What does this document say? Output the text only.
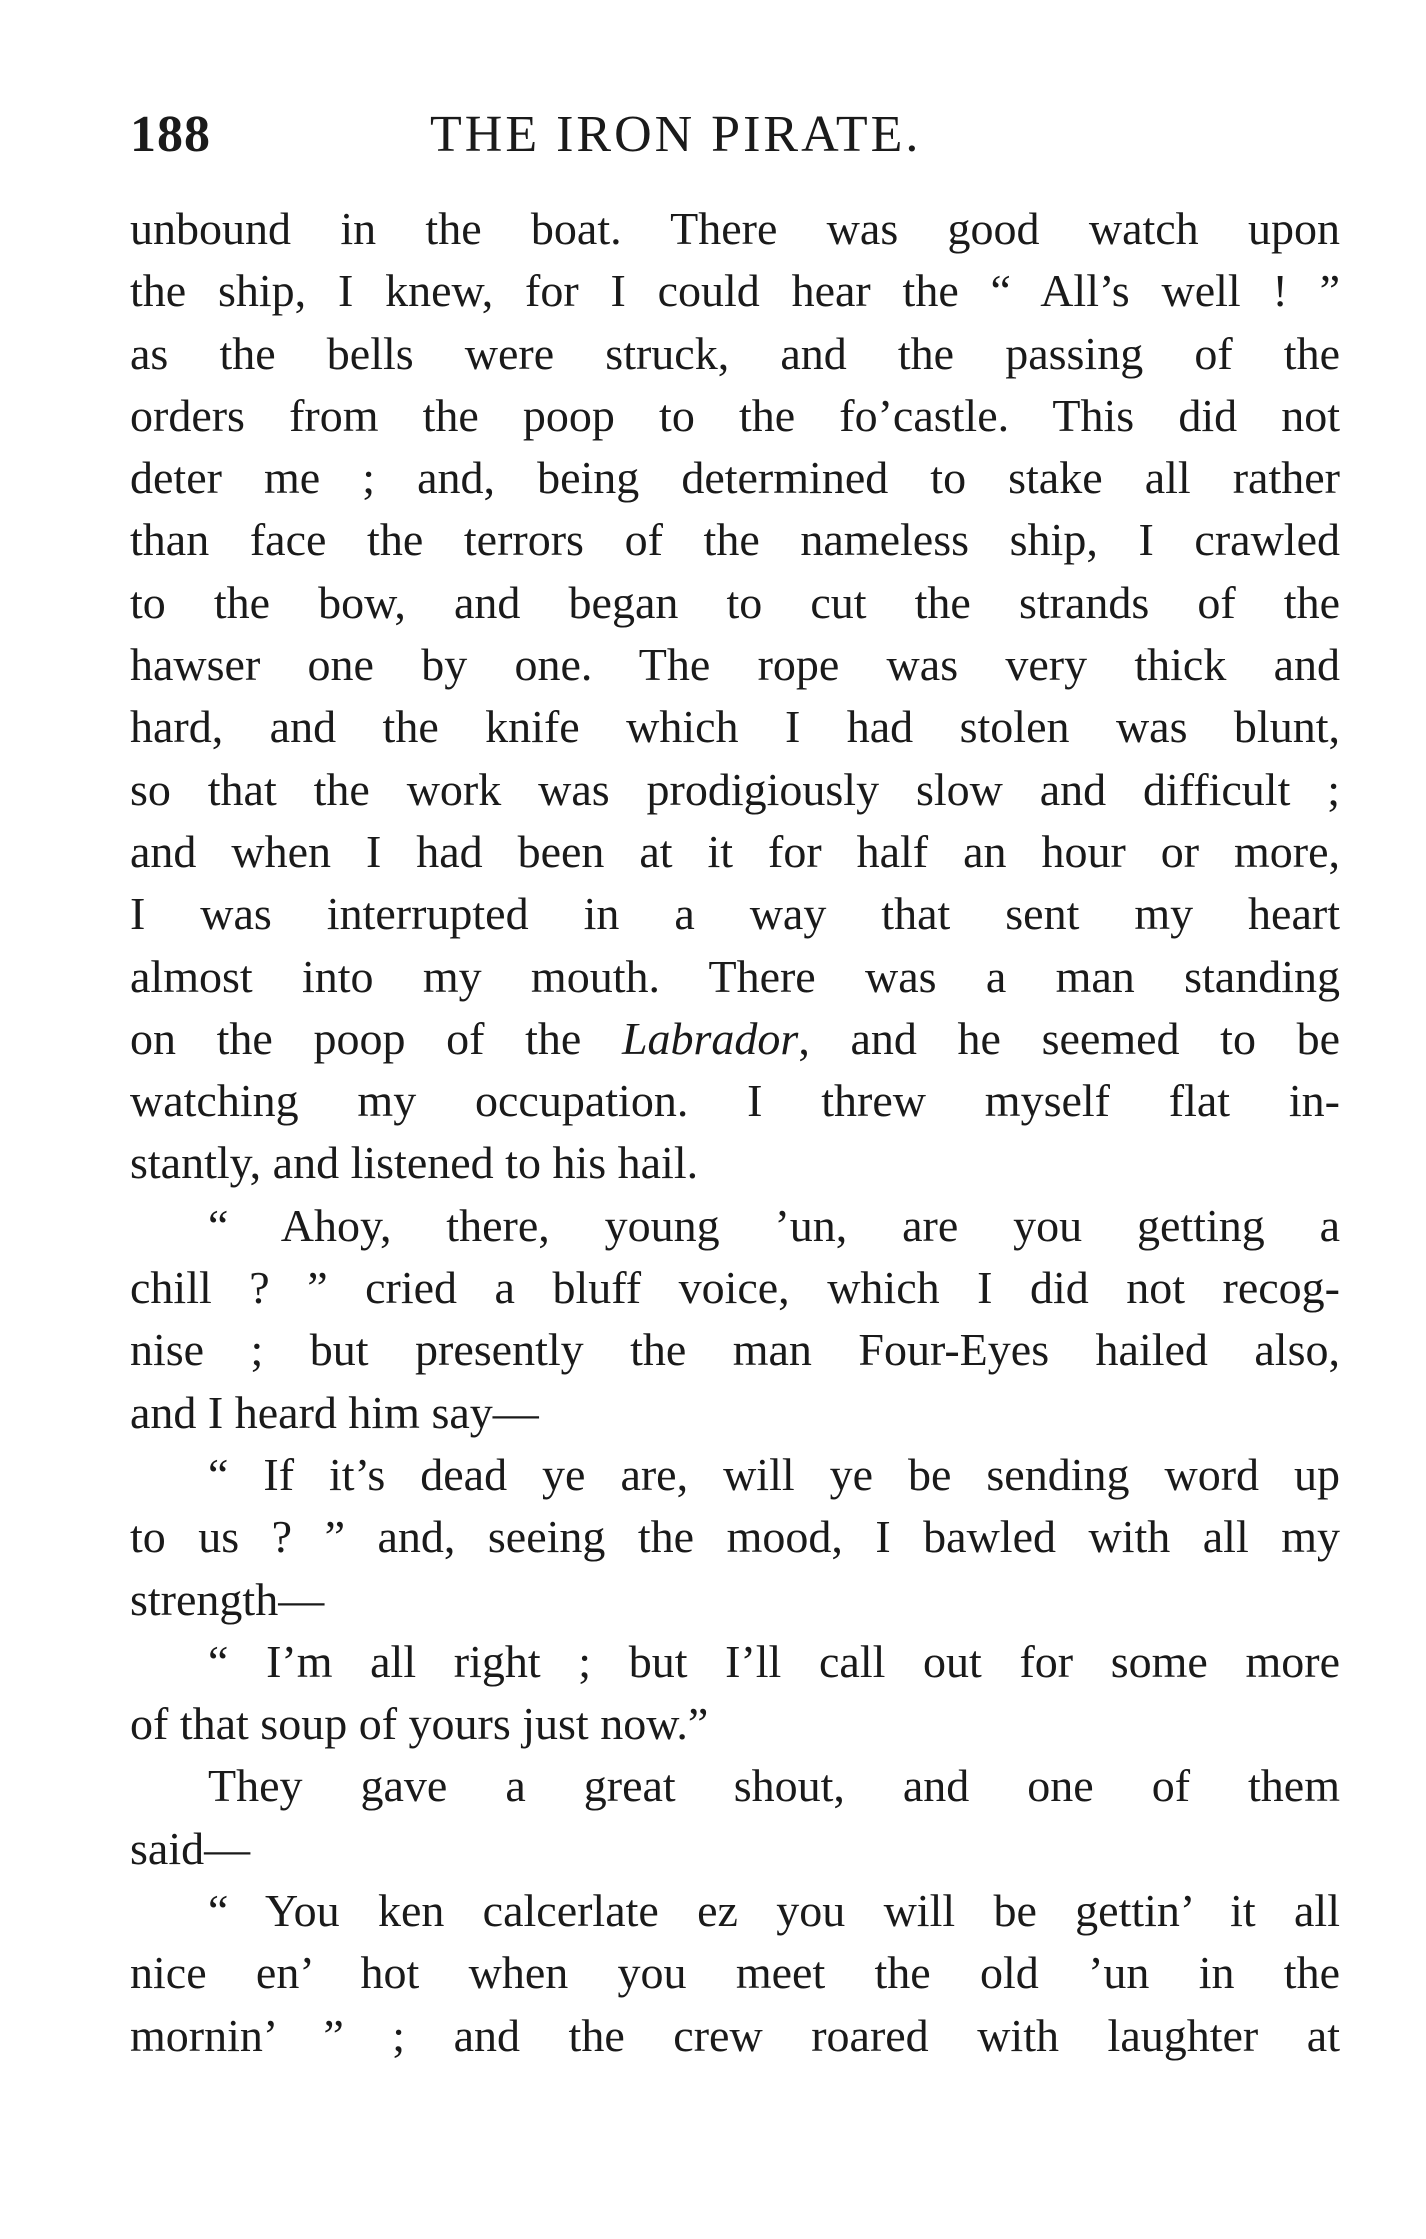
188	THE IRON PIRATE.
unbound in the boat. There was good watch upon
the ship, I knew, for I could hear the “ All’s well ! ”
as the bells were struck, and the passing of the
orders from the poop to the fo’castle. This did not
deter me ; and, being determined to stake all rather
than face the terrors of the nameless ship, I crawled
to the bow, and began to cut the strands of the
hawser one by one. The rope was very thick and
hard, and the knife which I had stolen was blunt,
so that the work was prodigiously slow and difficult ;
and when I had been at it for half an hour or more,
I was interrupted in a way that sent my heart
almost into my mouth. There was a man standing
on the poop of the Labrador, and he seemed to be
watching my occupation. I threw myself flat in-
stantly, and listened to his hail.
“ Ahoy, there, young ’un, are you getting a
chill ? ” cried a bluff voice, which I did not recog-
nise ; but presently the man Four-Eyes hailed also,
and I heard him say—
“ If it’s dead ye are, will ye be sending word up
to us ? ” and, seeing the mood, I bawled with all my
strength—
“ I’m all right ; but I’ll call out for some more
of that soup of yours just now.”
They gave a great shout, and one of them
said—
“ You ken calcerlate ez you will be gettin’ it all
nice en’ hot when you meet the old ’un in the
mornin’ ” ; and the crew roared with laughter at
